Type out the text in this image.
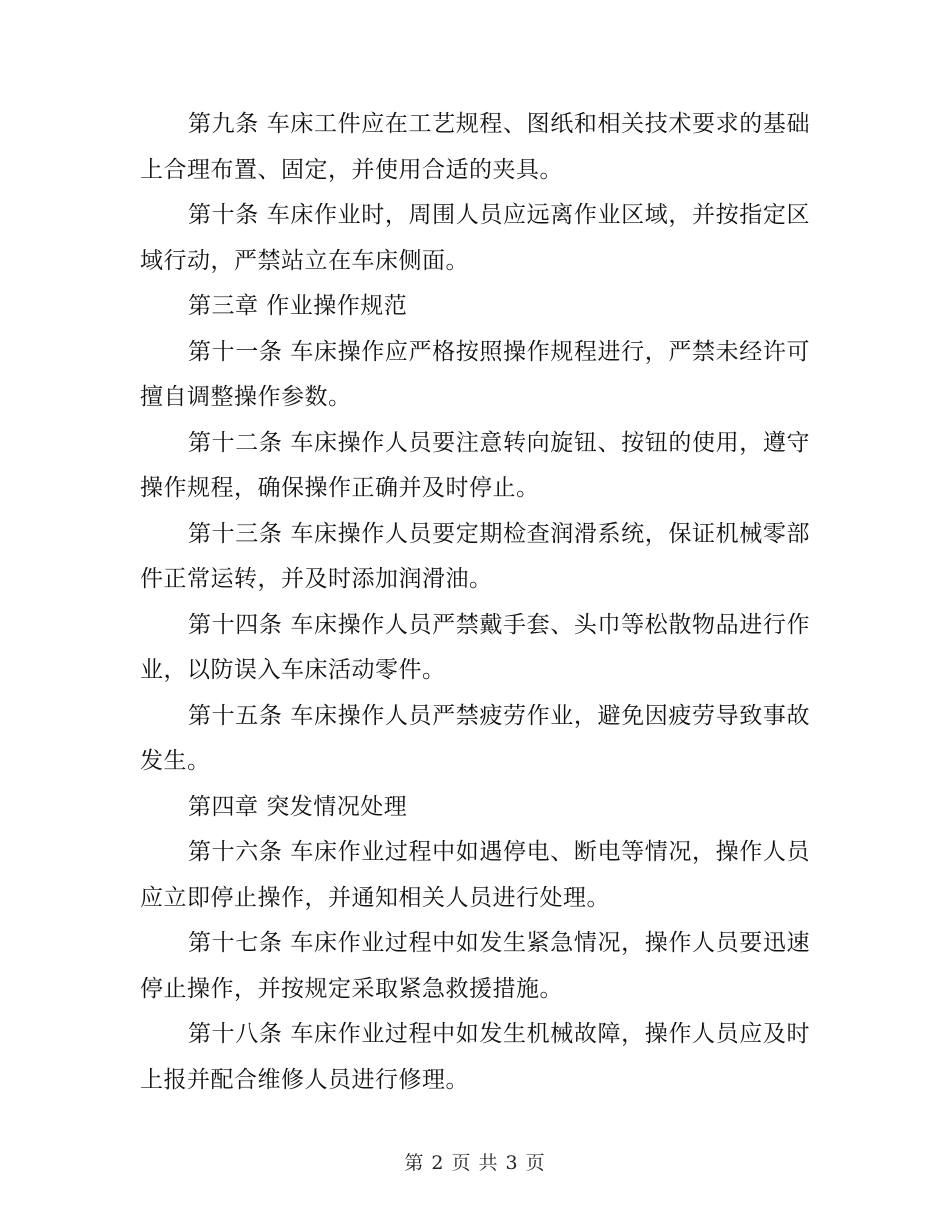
第九条 车床工件应在工艺规程、图纸和相关技术要求的基础上合理布置、固定，并使用合适的夹具。

第十条 车床作业时，周围人员应远离作业区域，并按指定区域行动，严禁站立在车床侧面。

第三章 作业操作规范

第十一条 车床操作应严格按照操作规程进行，严禁未经许可擅自调整操作参数。

第十二条 车床操作人员要注意转向旋钮、按钮的使用，遵守操作规程，确保操作正确并及时停止。

第十三条 车床操作人员要定期检查润滑系统，保证机械零部件正常运转，并及时添加润滑油。

第十四条 车床操作人员严禁戴手套、头巾等松散物品进行作业，以防误入车床活动零件。

第十五条 车床操作人员严禁疲劳作业，避免因疲劳导致事故发生。

第四章 突发情况处理

第十六条 车床作业过程中如遇停电、断电等情况，操作人员应立即停止操作，并通知相关人员进行处理。

第十七条 车床作业过程中如发生紧急情况，操作人员要迅速停止操作，并按规定采取紧急救援措施。

第十八条 车床作业过程中如发生机械故障，操作人员应及时上报并配合维修人员进行修理。

第 2 页 共 3 页
